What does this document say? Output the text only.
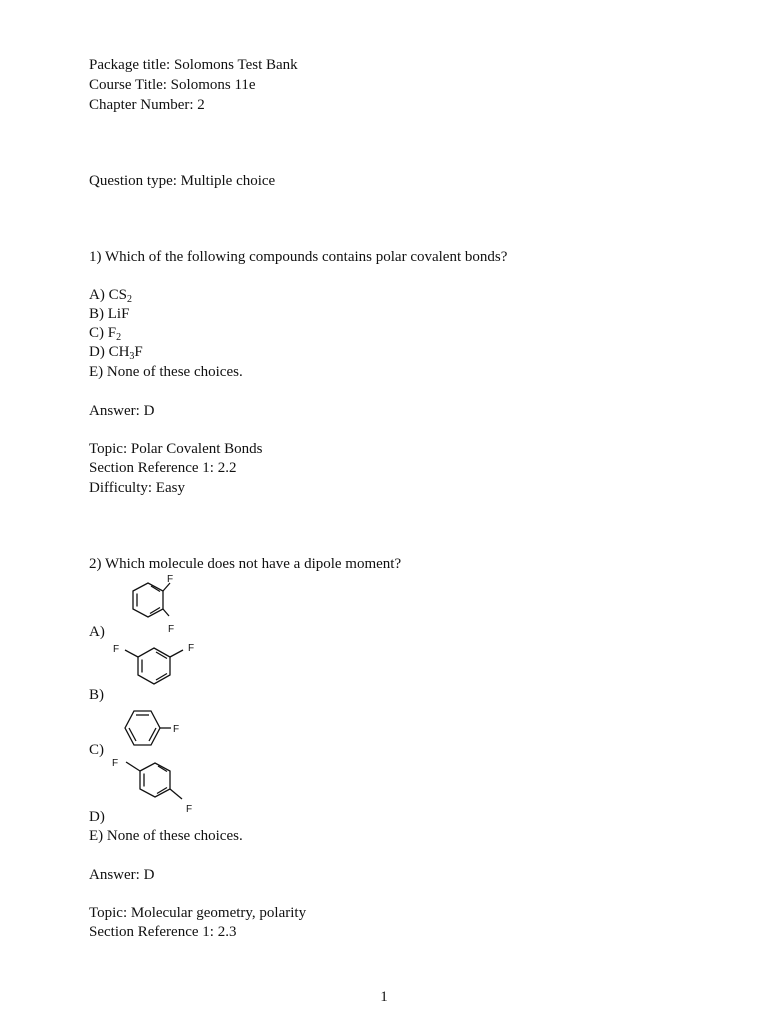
Package title: Solomons Test Bank
Course Title: Solomons 11e
Chapter Number: 2
Question type: Multiple choice
1) Which of the following compounds contains polar covalent bonds?
A) $CS_2$
B) LiF
C) $F_2$
D) $CH_3F$
E) None of these choices.
Answer: D
Topic: Polar Covalent Bonds
Section Reference 1: 2.2
Difficulty: Easy
2) Which molecule does not have a dipole moment?
F
F
A)
F	F
B)
F
C)
F
F
D)
E) None of these choices.
Answer: D
Topic: Molecular geometry, polarity
Section Reference 1: 2.3
1
